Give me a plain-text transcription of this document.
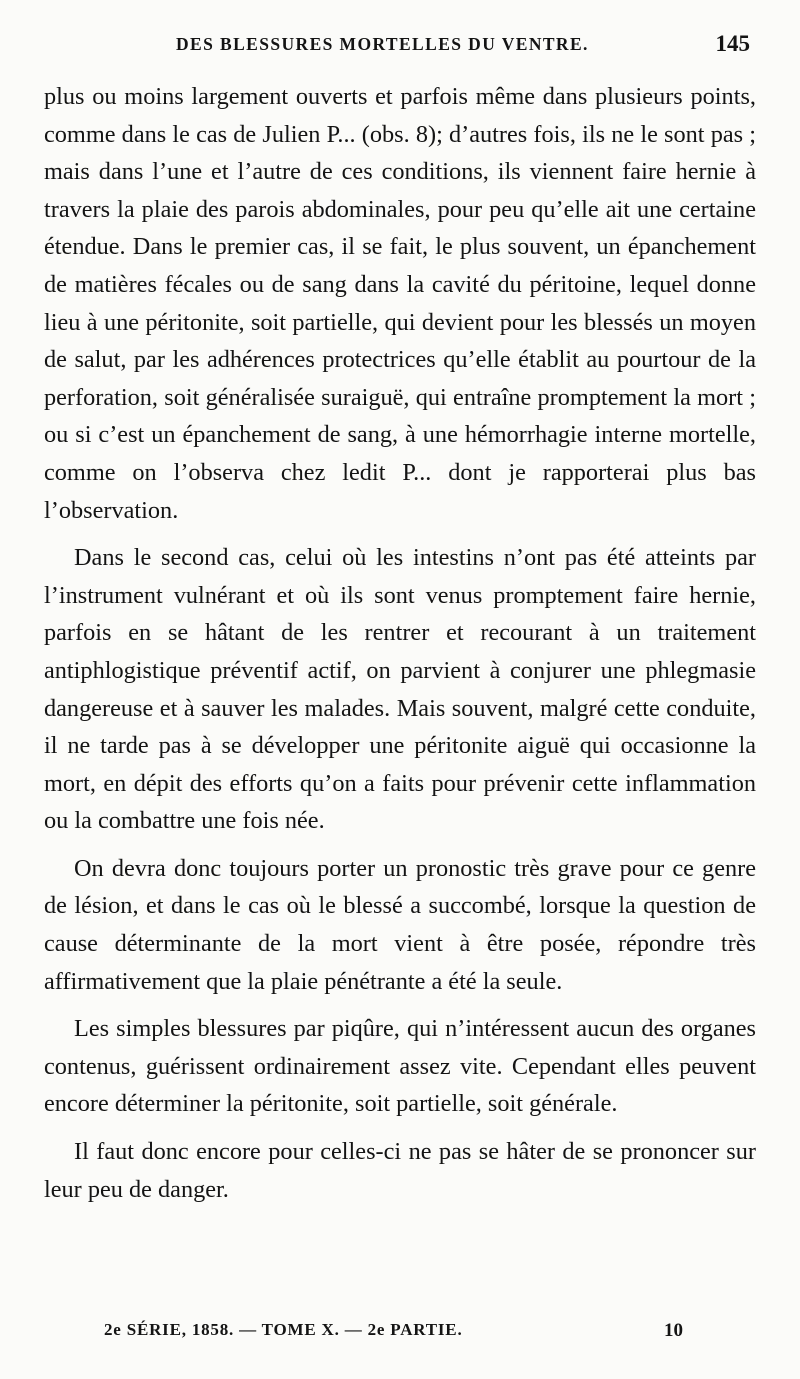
DES BLESSURES MORTELLES DU VENTRE.	145

plus ou moins largement ouverts et parfois même dans plusieurs points, comme dans le cas de Julien P... (obs. 8); d’autres fois, ils ne le sont pas ; mais dans l’une et l’autre de ces conditions, ils viennent faire hernie à travers la plaie des parois abdominales, pour peu qu’elle ait une certaine étendue. Dans le premier cas, il se fait, le plus souvent, un épanchement de matières fécales ou de sang dans la cavité du péritoine, lequel donne lieu à une péritonite, soit partielle, qui devient pour les blessés un moyen de salut, par les adhérences protectrices qu’elle établit au pourtour de la perforation, soit généralisée suraiguë, qui entraîne promptement la mort ; ou si c’est un épanchement de sang, à une hémorrhagie interne mortelle, comme on l’observa chez ledit P... dont je rapporterai plus bas l’observation.

Dans le second cas, celui où les intestins n’ont pas été atteints par l’instrument vulnérant et où ils sont venus promptement faire hernie, parfois en se hâtant de les rentrer et recourant à un traitement antiphlogistique préventif actif, on parvient à conjurer une phlegmasie dangereuse et à sauver les malades. Mais souvent, malgré cette conduite, il ne tarde pas à se développer une péritonite aiguë qui occasionne la mort, en dépit des efforts qu’on a faits pour prévenir cette inflammation ou la combattre une fois née.

On devra donc toujours porter un pronostic très grave pour ce genre de lésion, et dans le cas où le blessé a succombé, lorsque la question de cause déterminante de la mort vient à être posée, répondre très affirmativement que la plaie pénétrante a été la seule.

Les simples blessures par piqûre, qui n’intéressent aucun des organes contenus, guérissent ordinairement assez vite. Cependant elles peuvent encore déterminer la péritonite, soit partielle, soit générale.

Il faut donc encore pour celles-ci ne pas se hâter de se prononcer sur leur peu de danger.

2e SÉRIE, 1858. — TOME X. — 2e PARTIE.	10
